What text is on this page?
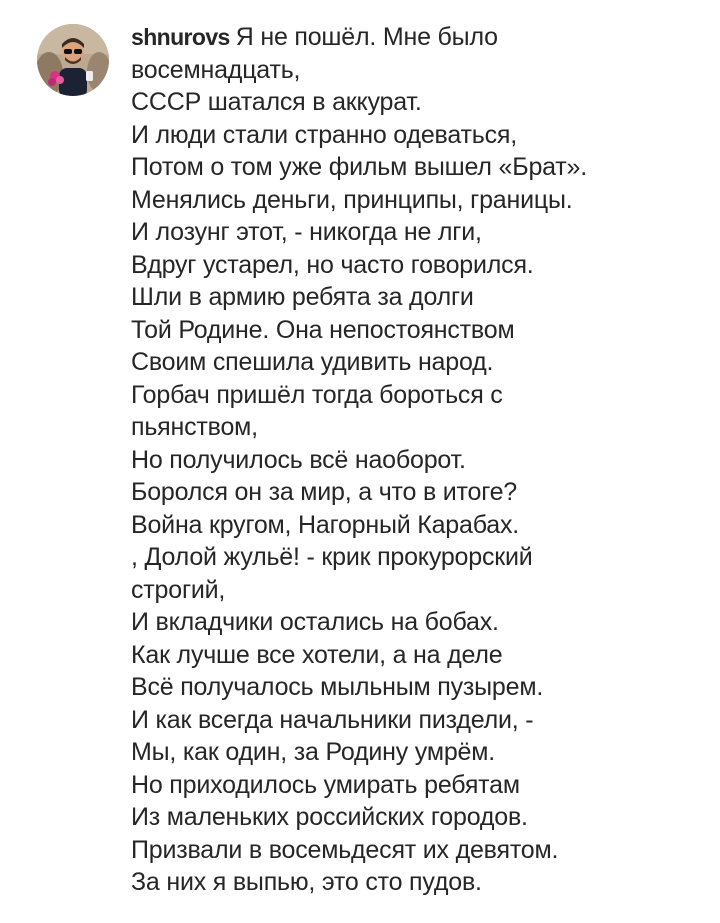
shnurovs Я не пошёл. Мне было
восемнадцать,
СССР шатался в аккурат.
И люди стали странно одеваться,
Потом о том уже фильм вышел «Брат».
Менялись деньги, принципы, границы.
И лозунг этот, - никогда не лги,
Вдруг устарел, но часто говорился.
Шли в армию ребята за долги
Той Родине. Она непостоянством
Своим спешила удивить народ.
Горбач пришёл тогда бороться с
пьянством,
Но получилось всё наоборот.
Боролся он за мир, а что в итоге?
Война кругом, Нагорный Карабах.
, Долой жульё! - крик прокурорский
строгий,
И вкладчики остались на бобах.
Как лучше все хотели, а на деле
Всё получалось мыльным пузырем.
И как всегда начальники пиздели, -
Мы, как один, за Родину умрём.
Но приходилось умирать ребятам
Из маленьких российских городов.
Призвали в восемьдесят их девятом.
За них я выпью, это сто пудов.
